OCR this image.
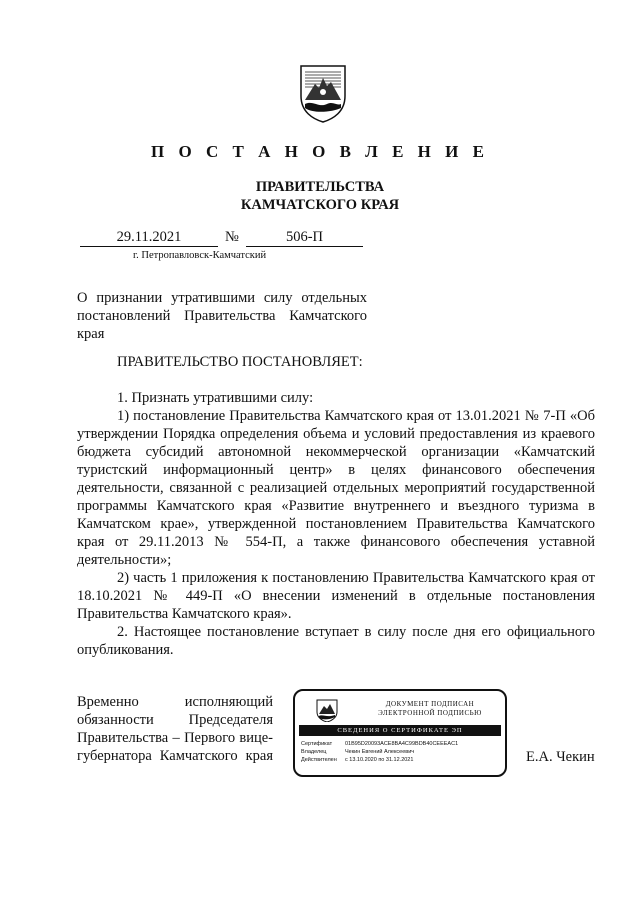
П О С Т А Н О В Л Е Н И Е
ПРАВИТЕЛЬСТВА
КАМЧАТСКОГО КРАЯ
29.11.2021	№	506-П
г. Петропавловск-Камчатский
О признании утратившими силу отдельных постановлений Правительства Камчатского края
ПРАВИТЕЛЬСТВО ПОСТАНОВЛЯЕТ:

1. Признать утратившими силу:

1) постановление Правительства Камчатского края от 13.01.2021 № 7-П «Об утверждении Порядка определения объема и условий предоставления из краевого бюджета субсидий автономной некоммерческой организации «Камчатский туристский информационный центр» в целях финансового обеспечения деятельности, связанной с реализацией отдельных мероприятий государственной программы Камчатского края «Развитие внутреннего и въездного туризма в Камчатском крае», утвержденной постановлением Правительства Камчатского края от 29.11.2013 № 554-П, а также финансового обеспечения уставной деятельности»;

2) часть 1 приложения к постановлению Правительства Камчатского края от 18.10.2021 № 449-П «О внесении изменений в отдельные постановления Правительства Камчатского края».

2. Настоящее постановление вступает в силу после дня его официального опубликования.

Временно исполняющий обязанности Председателя Правительства – Первого вице-губернатора Камчатского края
ДОКУМЕНТ ПОДПИСАН
ЭЛЕКТРОННОЙ ПОДПИСЬЮ
СВЕДЕНИЯ О СЕРТИФИКАТЕ ЭП
Сертификат	01B95D20093ACE8BA4C99BDB40CEEEAC1
Владелец	Чекин Евгений Алексеевич
Действителен	с 13.10.2020 по 31.12.2021	Е.А. Чекин
